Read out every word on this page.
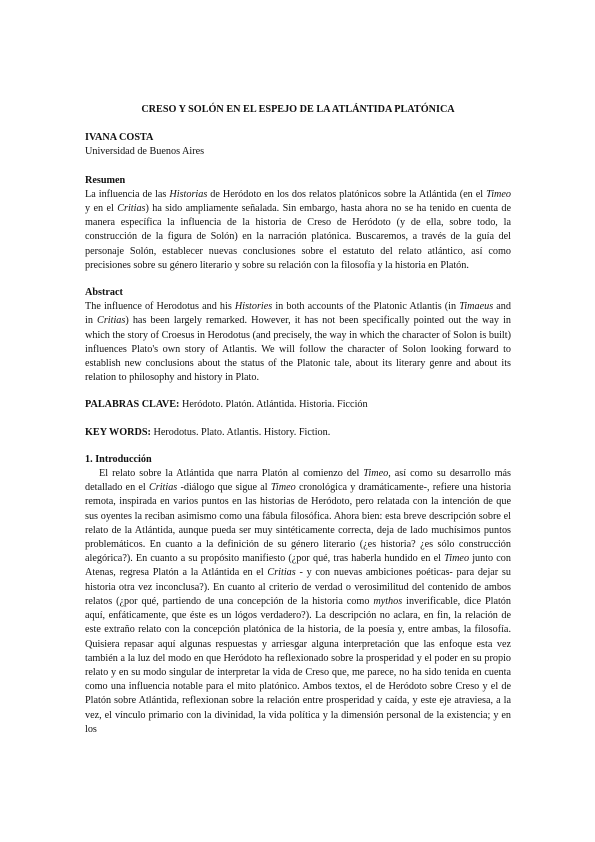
CRESO Y SOLÓN EN EL ESPEJO DE LA ATLÁNTIDA PLATÓNICA

IVANA COSTA

Universidad de Buenos Aires

Resumen

La influencia de las Historias de Heródoto en los dos relatos platónicos sobre la Atlántida (en el Timeo y en el Critias) ha sido ampliamente señalada. Sin embargo, hasta ahora no se ha tenido en cuenta de manera específica la influencia de la historia de Creso de Heródoto (y de ella, sobre todo, la construcción de la figura de Solón) en la narración platónica. Buscaremos, a través de la guía del personaje Solón, establecer nuevas conclusiones sobre el estatuto del relato atlántico, así como precisiones sobre su género literario y sobre su relación con la filosofía y la historia en Platón.

Abstract

The influence of Herodotus and his Histories in both accounts of the Platonic Atlantis (in Timaeus and in Critias) has been largely remarked. However, it has not been specifically pointed out the way in which the story of Croesus in Herodotus (and precisely, the way in which the character of Solon is built) influences Plato's own story of Atlantis. We will follow the character of Solon looking forward to establish new conclusions about the status of the Platonic tale, about its literary genre and about its relation to philosophy and history in Plato.

PALABRAS CLAVE: Heródoto. Platón. Atlántida. Historia. Ficción

KEY WORDS: Herodotus. Plato. Atlantis. History. Fiction.

1. Introducción

El relato sobre la Atlántida que narra Platón al comienzo del Timeo, así como su desarrollo más detallado en el Critias -diálogo que sigue al Timeo cronológica y dramáticamente-, refiere una historia remota, inspirada en varios puntos en las historias de Heródoto, pero relatada con la intención de que sus oyentes la reciban asimismo como una fábula filosófica. Ahora bien: esta breve descripción sobre el relato de la Atlántida, aunque pueda ser muy sintéticamente correcta, deja de lado muchísimos puntos problemáticos. En cuanto a la definición de su género literario (¿es historia? ¿es sólo construcción alegórica?). En cuanto a su propósito manifiesto (¿por qué, tras haberla hundido en el Timeo junto con Atenas, regresa Platón a la Atlántida en el Critias - y con nuevas ambiciones poéticas- para dejar su historia otra vez inconclusa?). En cuanto al criterio de verdad o verosimilitud del contenido de ambos relatos (¿por qué, partiendo de una concepción de la historia como mythos inverificable, dice Platón aquí, enfáticamente, que éste es un lógos verdadero?). La descripción no aclara, en fin, la relación de este extraño relato con la concepción platónica de la historia, de la poesía y, entre ambas, la filosofía. Quisiera repasar aquí algunas respuestas y arriesgar alguna interpretación que las enfoque esta vez también a la luz del modo en que Heródoto ha reflexionado sobre la prosperidad y el poder en su propio relato y en su modo singular de interpretar la vida de Creso que, me parece, no ha sido tenida en cuenta como una influencia notable para el mito platónico. Ambos textos, el de Heródoto sobre Creso y el de Platón sobre Atlántida, reflexionan sobre la relación entre prosperidad y caída, y este eje atraviesa, a la vez, el vínculo primario con la divinidad, la vida política y la dimensión personal de la existencia; y en los
